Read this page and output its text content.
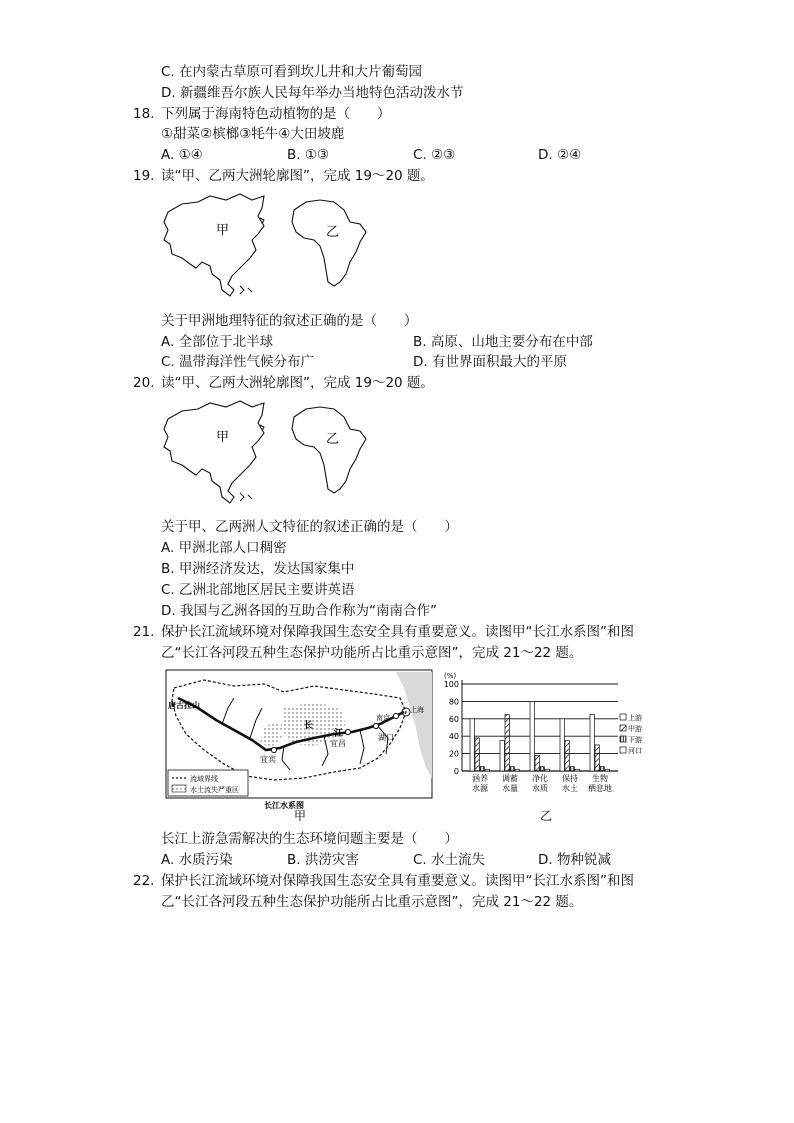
C. 在内蒙古草原可看到坎儿井和大片葡萄园
D. 新疆维吾尔族人民每年举办当地特色活动泼水节
18. 下列属于海南特色动植物的是（　　）
①甜菜②槟榔③牦牛④大田坡鹿
A. ①④	B. ①③	C. ②③	D. ②④
19. 读“甲、乙两大洲轮廓图”，完成 19～20 题。
甲	乙
关于甲洲地理特征的叙述正确的是（　　）
A. 全部位于北半球	B. 高原、山地主要分布在中部
C. 温带海洋性气候分布广	D. 有世界面积最大的平原
20. 读“甲、乙两大洲轮廓图”，完成 19～20 题。
甲	乙
关于甲、乙两洲人文特征的叙述正确的是（　　）
A. 甲洲北部人口稠密
B. 甲洲经济发达，发达国家集中
C. 乙洲北部地区居民主要讲英语
D. 我国与乙洲各国的互助合作称为“南南合作”
21. 保护长江流域环境对保障我国生态安全具有重要意义。读图甲“长江水系图”和图
乙“长江各河段五种生态保护功能所占比重示意图”，完成 21～22 题。
唐古拉山
长
江
宜宾
宜昌
南京
上海
湖口
流域界线
水土流失严重区
长江水系图
甲
0
20
40
60
80
100
(%)
涵养
水源
调蓄
水量
净化
水质
保持
水土
生物
栖息地
上游
中游
下游
河口
乙
长江上游急需解决的生态环境问题主要是（　　）
A. 水质污染	B. 洪涝灾害	C. 水土流失	D. 物种锐减
22. 保护长江流域环境对保障我国生态安全具有重要意义。读图甲“长江水系图”和图
乙“长江各河段五种生态保护功能所占比重示意图”，完成 21～22 题。
